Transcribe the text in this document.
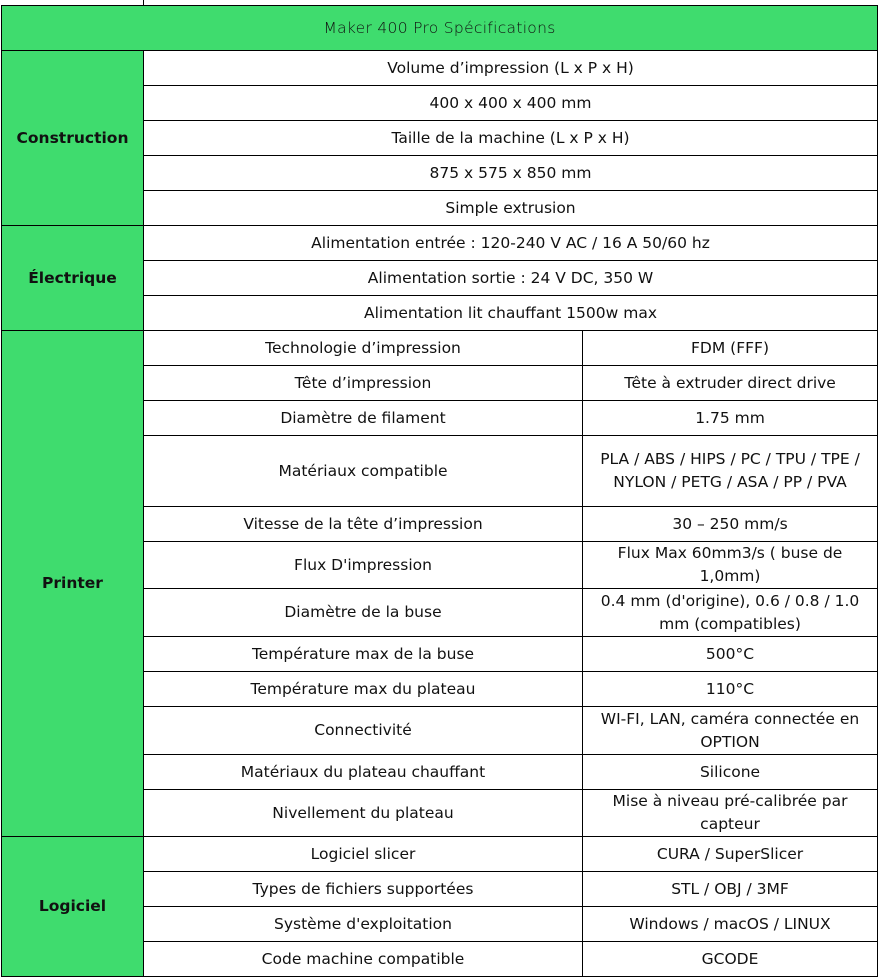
Maker 400 Pro Spécifications		
Construction	Volume d’impression (L x P x H)	
	400 x 400 x 400 mm	
	Taille de la machine (L x P x H)	
	875 x 575 x 850 mm	
	Simple extrusion	
Électrique	Alimentation entrée : 120-240 V AC / 16 A 50/60 hz	
	Alimentation sortie : 24 V DC, 350 W	
	Alimentation lit chauffant 1500w max	
Printer	Technologie d’impression	FDM (FFF)
	Tête d’impression	Tête à extruder direct drive
	Diamètre de filament	1.75 mm
	Matériaux compatible	PLA / ABS / HIPS / PC / TPU / TPE / NYLON / PETG / ASA / PP / PVA
	Vitesse de la tête d’impression	30 – 250 mm/s
	Flux D'impression	Flux Max 60mm3/s ( buse de 1,0mm)
	Diamètre de la buse	0.4 mm (d'origine), 0.6 / 0.8 / 1.0 mm (compatibles)
	Température max de la buse	500°C
	Température max du plateau	110°C
	Connectivité	WI-FI, LAN, caméra connectée en OPTION
	Matériaux du plateau chauffant	Silicone
	Nivellement du plateau	Mise à niveau pré-calibrée par capteur
Logiciel	Logiciel slicer	CURA / SuperSlicer
	Types de fichiers supportées	STL / OBJ / 3MF
	Système d'exploitation	Windows / macOS / LINUX
	Code machine compatible	GCODE
